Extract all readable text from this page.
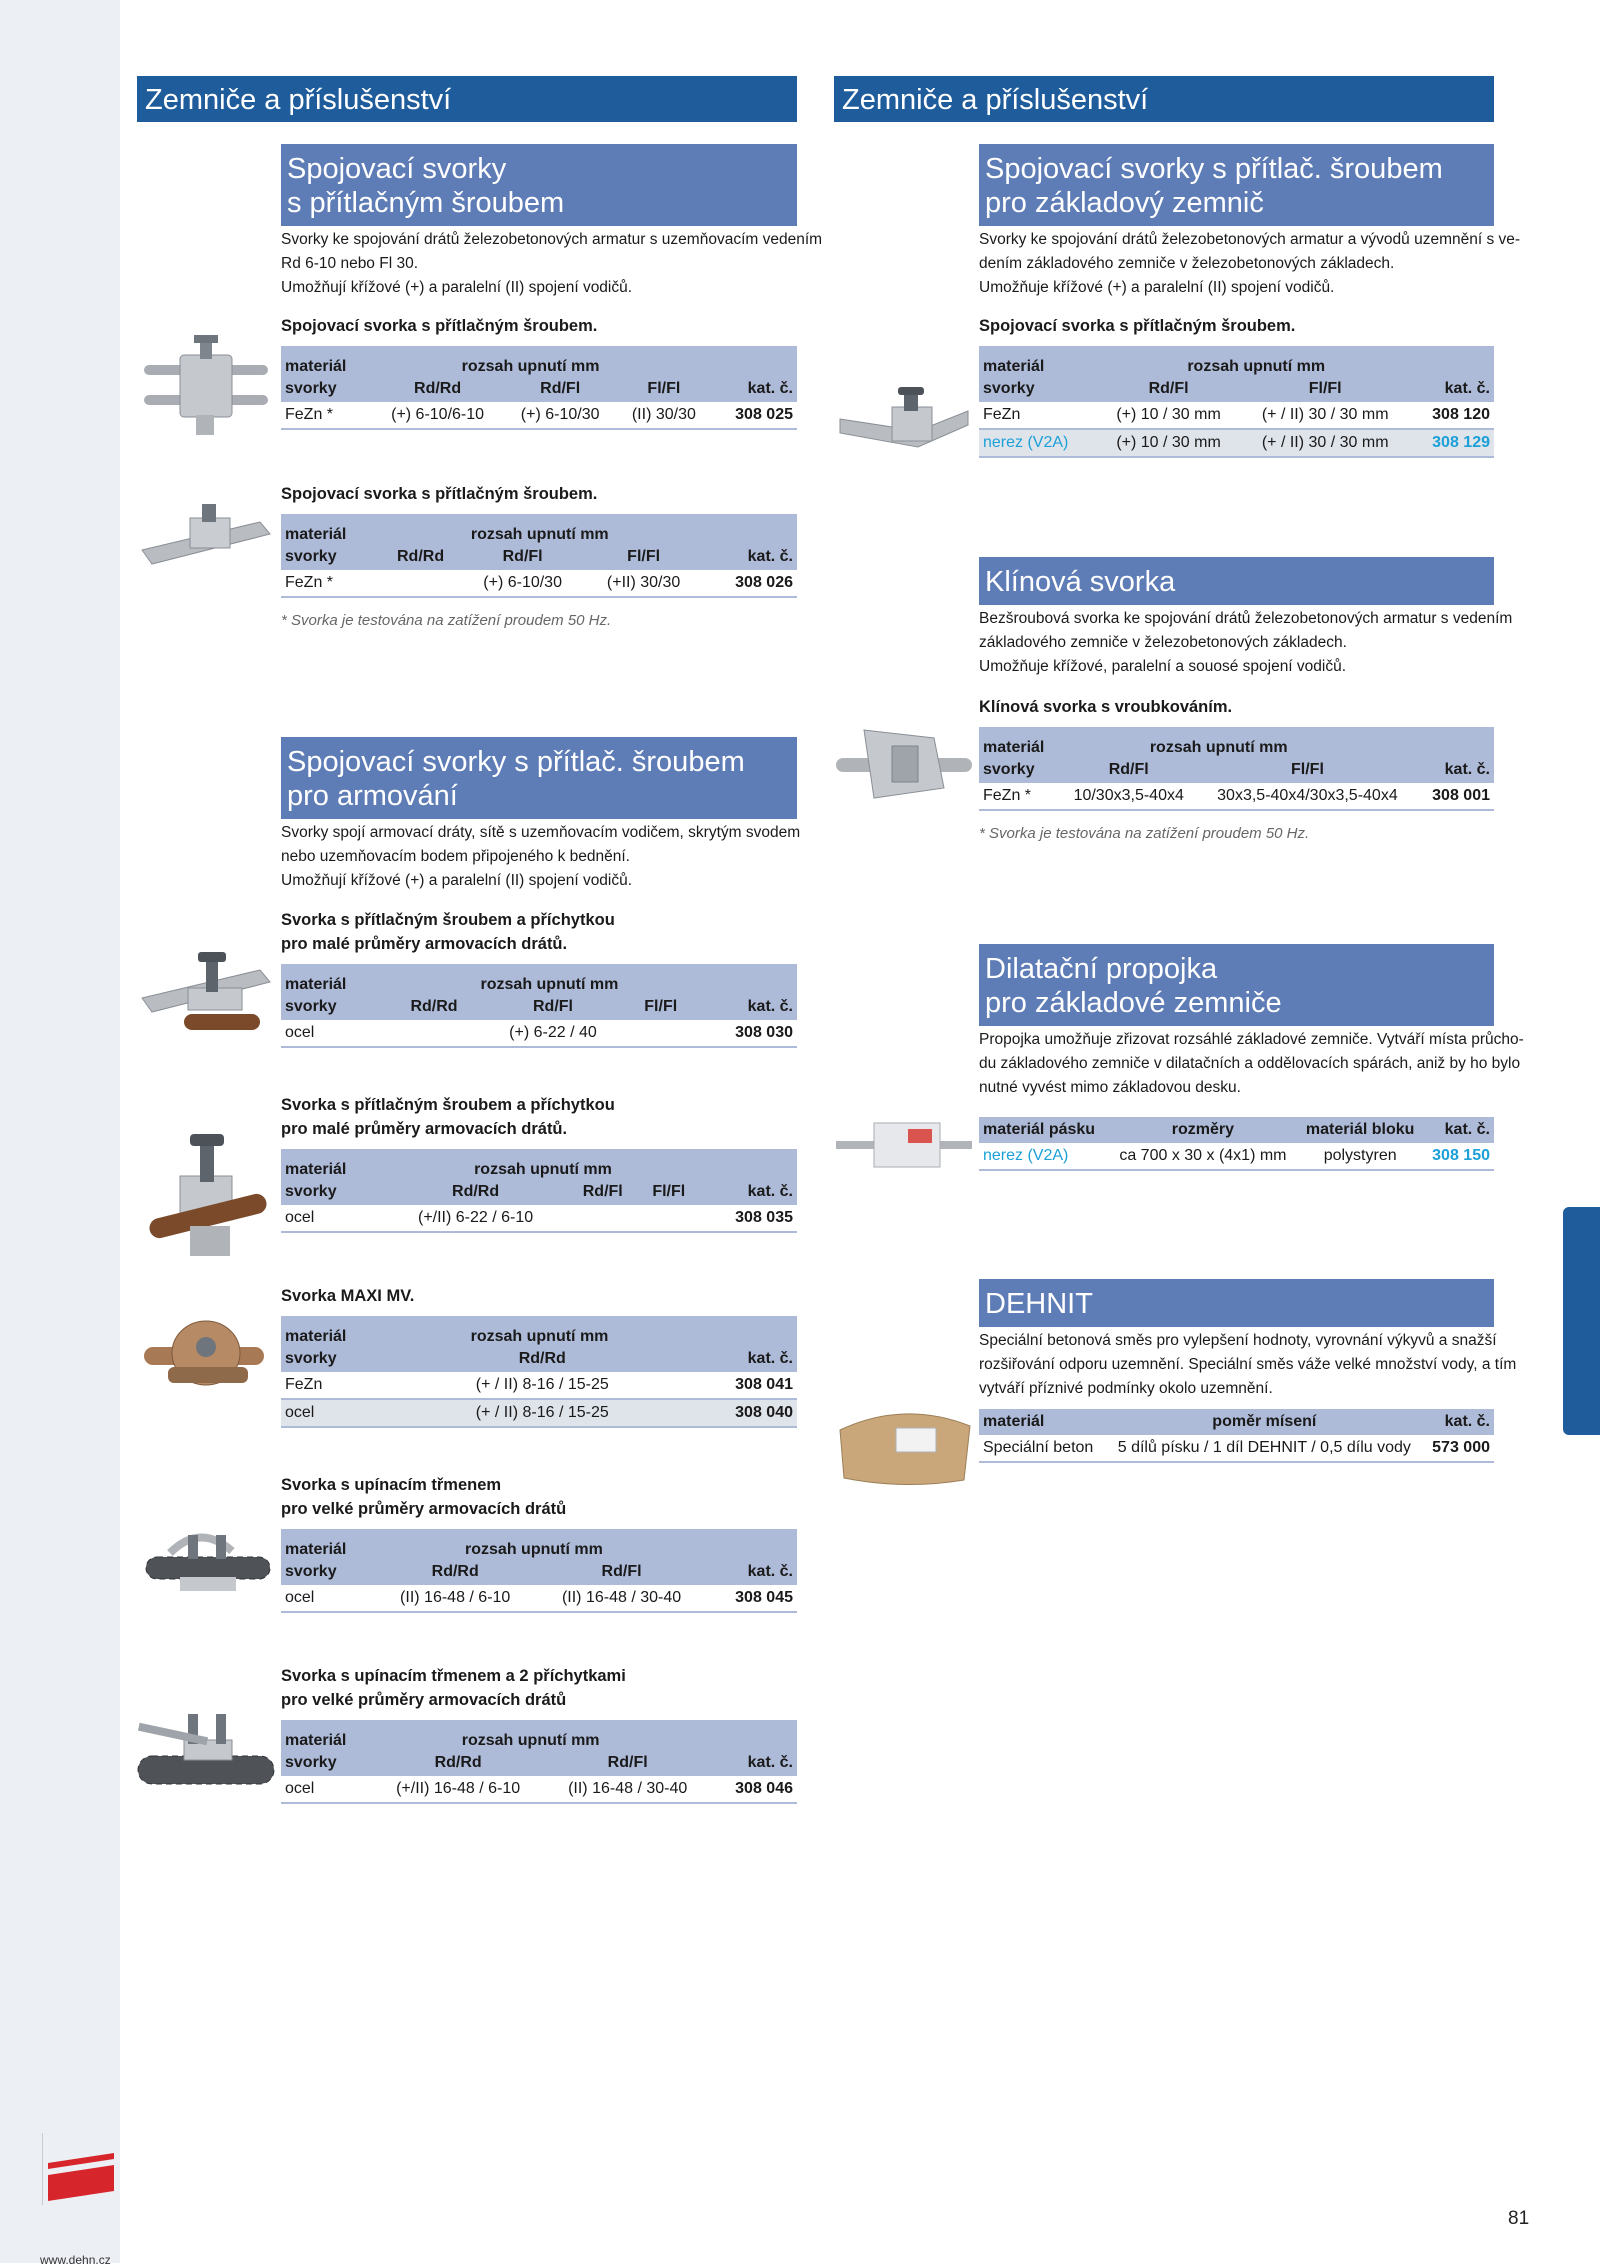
Zemniče a příslušenství	Zemniče a příslušenství
Spojovací svorky
s přítlačným šroubem
Svorky ke spojování drátů železobetonových armatur s uzemňovacím vedením
Rd 6-10 nebo Fl 30.
Umožňují křížové (+) a paralelní (II) spojení vodičů.
Spojovací svorka s přítlačným šroubem.
materiál	rozsah upnutí mm			
svorky	Rd/Rd	Rd/Fl	Fl/Fl	kat. č.
FeZn *	(+) 6-10/6-10	(+) 6-10/30	(II) 30/30	308 025
Spojovací svorka s přítlačným šroubem.
materiál	rozsah upnutí mm			
svorky	Rd/Rd	Rd/Fl	Fl/Fl	kat. č.
FeZn *		(+) 6-10/30	(+II) 30/30	308 026
* Svorka je testována na zatížení proudem 50 Hz.
Spojovací svorky s přítlač. šroubem
pro armování
Svorky spojí armovací dráty, sítě s uzemňovacím vodičem, skrytým svodem
nebo uzemňovacím bodem připojeného k bednění.
Umožňují křížové (+) a paralelní (II) spojení vodičů.
Svorka s přítlačným šroubem a příchytkou
pro malé průměry armovacích drátů.
materiál	rozsah upnutí mm			
svorky	Rd/Rd	Rd/Fl	Fl/Fl	kat. č.
ocel		(+) 6-22 / 40		308 030
Svorka s přítlačným šroubem a příchytkou
pro malé průměry armovacích drátů.
materiál	rozsah upnutí mm			
svorky	Rd/Rd	Rd/Fl	Fl/Fl	kat. č.
ocel	(+/II) 6-22 / 6-10			308 035
Svorka MAXI MV.
materiál	rozsah upnutí mm	
svorky	Rd/Rd	kat. č.
FeZn	(+ / II) 8-16 / 15-25	308 041
ocel	(+ / II) 8-16 / 15-25	308 040
Svorka s upínacím třmenem
pro velké průměry armovacích drátů
materiál	rozsah upnutí mm		
svorky	Rd/Rd	Rd/Fl	kat. č.
ocel	(II) 16-48 / 6-10	(II) 16-48 / 30-40	308 045
Svorka s upínacím třmenem a 2 příchytkami
pro velké průměry armovacích drátů
materiál	rozsah upnutí mm		
svorky	Rd/Rd	Rd/Fl	kat. č.
ocel	(+/II) 16-48 / 6-10	(II) 16-48 / 30-40	308 046
Spojovací svorky s přítlač. šroubem
pro základový zemnič
Svorky ke spojování drátů železobetonových armatur a vývodů uzemnění s ve-
dením základového zemniče v železobetonových základech.
Umožňuje křížové (+) a paralelní (II) spojení vodičů.
Spojovací svorka s přítlačným šroubem.
materiál	rozsah upnutí mm		
svorky	Rd/Fl	Fl/Fl	kat. č.
FeZn	(+) 10 / 30 mm	(+ / II) 30 / 30 mm	308 120
nerez (V2A)	(+) 10 / 30 mm	(+ / II) 30 / 30 mm	308 129
Klínová svorka
Bezšroubová svorka ke spojování drátů železobetonových armatur s vedením
základového zemniče v železobetonových základech.
Umožňuje křížové, paralelní a souosé spojení vodičů.
Klínová svorka s vroubkováním.
materiál	rozsah upnutí mm		
svorky	Rd/Fl	Fl/Fl	kat. č.
FeZn *	10/30x3,5-40x4	30x3,5-40x4/30x3,5-40x4	308 001
* Svorka je testována na zatížení proudem 50 Hz.
Dilatační propojka
pro základové zemniče
Propojka umožňuje zřizovat rozsáhlé základové zemniče. Vytváří místa průcho-
du základového zemniče v dilatačních a oddělovacích spárách, aniž by ho bylo
nutné vyvést mimo základovou desku.
materiál pásku	rozměry	materiál bloku	kat. č.
nerez (V2A)	ca 700 x 30 x (4x1) mm	polystyren	308 150
DEHNIT
Speciální betonová směs pro vylepšení hodnoty, vyrovnání výkyvů a snažší
rozšiřování odporu uzemnění. Speciální směs váže velké množství vody, a tím
vytváří příznivé podmínky okolo uzemnění.
materiál	poměr mísení	kat. č.
Speciální beton	5 dílů písku / 1 díl DEHNIT / 0,5 dílu vody	573 000
www.dehn.cz
81
